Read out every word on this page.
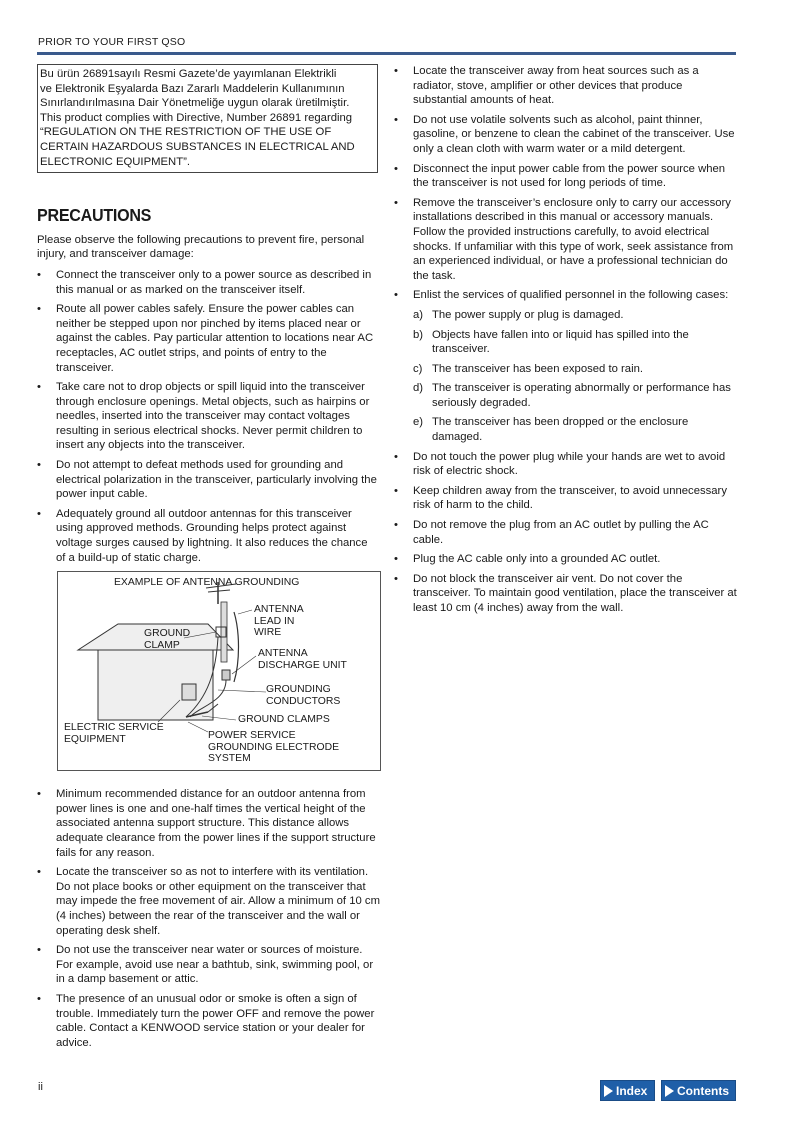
PRIOR TO YOUR FIRST QSO

Bu ürün 26891sayılı Resmi Gazete’de yayımlanan Elektrikli

ve Elektronik Eşyalarda Bazı Zararlı Maddelerin Kullanımının

Sınırlandırılmasına Dair Yönetmeliğe uygun olarak üretilmiştir.

This product complies with Directive, Number 26891 regarding

“REGULATION ON THE RESTRICTION OF THE USE OF

CERTAIN HAZARDOUS SUBSTANCES IN ELECTRICAL AND

ELECTRONIC EQUIPMENT”.

PRECAUTIONS

Please observe the following precautions to prevent fire, personal injury, and transceiver damage:

• Connect the transceiver only to a power source as described in this manual or as marked on the transceiver itself.
• Route all power cables safely. Ensure the power cables can neither be stepped upon nor pinched by items placed near or against the cables. Pay particular attention to locations near AC receptacles, AC outlet strips, and points of entry to the transceiver.
• Take care not to drop objects or spill liquid into the transceiver through enclosure openings. Metal objects, such as hairpins or needles, inserted into the transceiver may contact voltages resulting in serious electrical shocks. Never permit children to insert any objects into the transceiver.
• Do not attempt to defeat methods used for grounding and electrical polarization in the transceiver, particularly involving the power input cable.
• Adequately ground all outdoor antennas for this transceiver using approved methods. Grounding helps protect against voltage surges caused by lightning. It also reduces the chance of a build-up of static charge.
EXAMPLE OF ANTENNA GROUNDING
ANTENNA
LEAD IN
WIRE
GROUND
CLAMP
ANTENNA
DISCHARGE UNIT
GROUNDING
CONDUCTORS
GROUND CLAMPS
ELECTRIC SERVICE
EQUIPMENT	POWER SERVICE
GROUNDING ELECTRODE
SYSTEM
• Minimum recommended distance for an outdoor antenna from power lines is one and one-half times the vertical height of the associated antenna support structure. This distance allows adequate clearance from the power lines if the support structure fails for any reason.
• Locate the transceiver so as not to interfere with its ventilation. Do not place books or other equipment on the transceiver that may impede the free movement of air. Allow a minimum of 10 cm (4 inches) between the rear of the transceiver and the wall or operating desk shelf.
• Do not use the transceiver near water or sources of moisture. For example, avoid use near a bathtub, sink, swimming pool, or in a damp basement or attic.
• The presence of an unusual odor or smoke is often a sign of trouble. Immediately turn the power OFF and remove the power cable. Contact a KENWOOD service station or your dealer for advice.
• Locate the transceiver away from heat sources such as a radiator, stove, amplifier or other devices that produce substantial amounts of heat.
• Do not use volatile solvents such as alcohol, paint thinner, gasoline, or benzene to clean the cabinet of the transceiver. Use only a clean cloth with warm water or a mild detergent.
• Disconnect the input power cable from the power source when the transceiver is not used for long periods of time.
• Remove the transceiver’s enclosure only to carry our accessory installations described in this manual or accessory manuals. Follow the provided instructions carefully, to avoid electrical shocks. If unfamiliar with this type of work, seek assistance from an experienced individual, or have a professional technician do the task.
• Enlist the services of qualified personnel in the following cases:
a) The power supply or plug is damaged.
b) Objects have fallen into or liquid has spilled into the transceiver.
c) The transceiver has been exposed to rain.
d) The transceiver is operating abnormally or performance has seriously degraded.
e) The transceiver has been dropped or the enclosure damaged.
• Do not touch the power plug while your hands are wet to avoid risk of electric shock.
• Keep children away from the transceiver, to avoid unnecessary risk of harm to the child.
• Do not remove the plug from an AC outlet by pulling the AC cable.
• Plug the AC cable only into a grounded AC outlet.
• Do not block the transceiver air vent. Do not cover the transceiver. To maintain good ventilation, place the transceiver at least 10 cm (4 inches) away from the wall.
ii	Index Contents
